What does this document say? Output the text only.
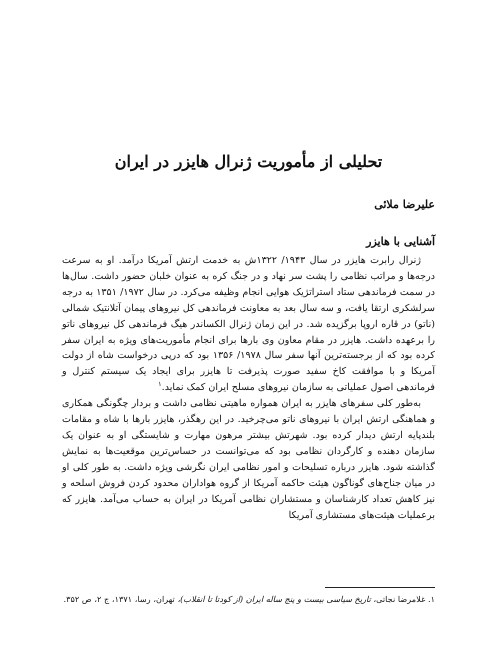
تحلیلی از مأموریت ژنرال هایزر در ایران
علیرضا ملائی
آشنایی با هایزر

ژنرال رابرت هایزر در سال ۱۹۴۳/ ۱۳۲۲ش به خدمت ارتش آمریکا درآمد. او به سرعت درجه‌ها و مراتب نظامی را پشت سر نهاد و در جنگ کره به عنوان خلبان حضور داشت. سال‌ها در سمت فرماندهی ستاد استراتژیک هوایی انجام وظیفه می‌کرد. در سال ۱۹۷۲/ ۱۳۵۱ به درجه سرلشکری ارتقا یافت، و سه سال بعد به معاونت فرماندهی کل نیروهای پیمان آتلانتیک شمالی (ناتو) در قاره اروپا برگزیده شد. در این زمان ژنرال الکساندر هیگ فرماندهی کل نیروهای ناتو را برعهده داشت. هایزر در مقام معاون وی بارها برای انجام مأموریت‌های ویژه به ایران سفر کرده بود که از برجسته‌ترین آنها سفر سال ۱۹۷۸/ ۱۳۵۶ بود که درپی درخواست شاه از دولت آمریکا و با موافقت کاخ سفید صورت پذیرفت تا هایزر برای ایجاد یک سیستم کنترل و فرماندهی اصول عملیاتی به سازمان نیروهای مسلح ایران کمک نماید.$^۱$

به‌طور کلی سفرهای هایزر به ایران همواره ماهیتی نظامی داشت و بردار چگونگی همکاری و هماهنگی ارتش ایران با نیروهای ناتو می‌چرخید. در این رهگذر، هایزر بارها با شاه و مقامات بلندپایه ارتش دیدار کرده بود. شهرتش بیشتر مرهون مهارت و شایستگی او به عنوان یک سازمان دهنده و کارگردان نظامی بود که می‌توانست در حساس‌ترین موقعیت‌ها به نمایش گذاشته شود. هایزر درباره تسلیحات و امور نظامی ایران نگرشی ویژه داشت. به طور کلی او در میان جناح‌های گوناگون هیئت حاکمه آمریکا از گروه هواداران محدود کردن فروش اسلحه و نیز کاهش تعداد کارشناسان و مستشاران نظامی آمریکا در ایران به حساب می‌آمد. هایزر که برعملیات هیئت‌های مستشاری آمریکا

۱. غلامرضا نجاتی، تاریخ سیاسی بیست و پنج ساله ایران (از کودتا تا انقلاب)، تهران، رسا، ۱۳۷۱، ج ۲، ص ۳۵۲.
